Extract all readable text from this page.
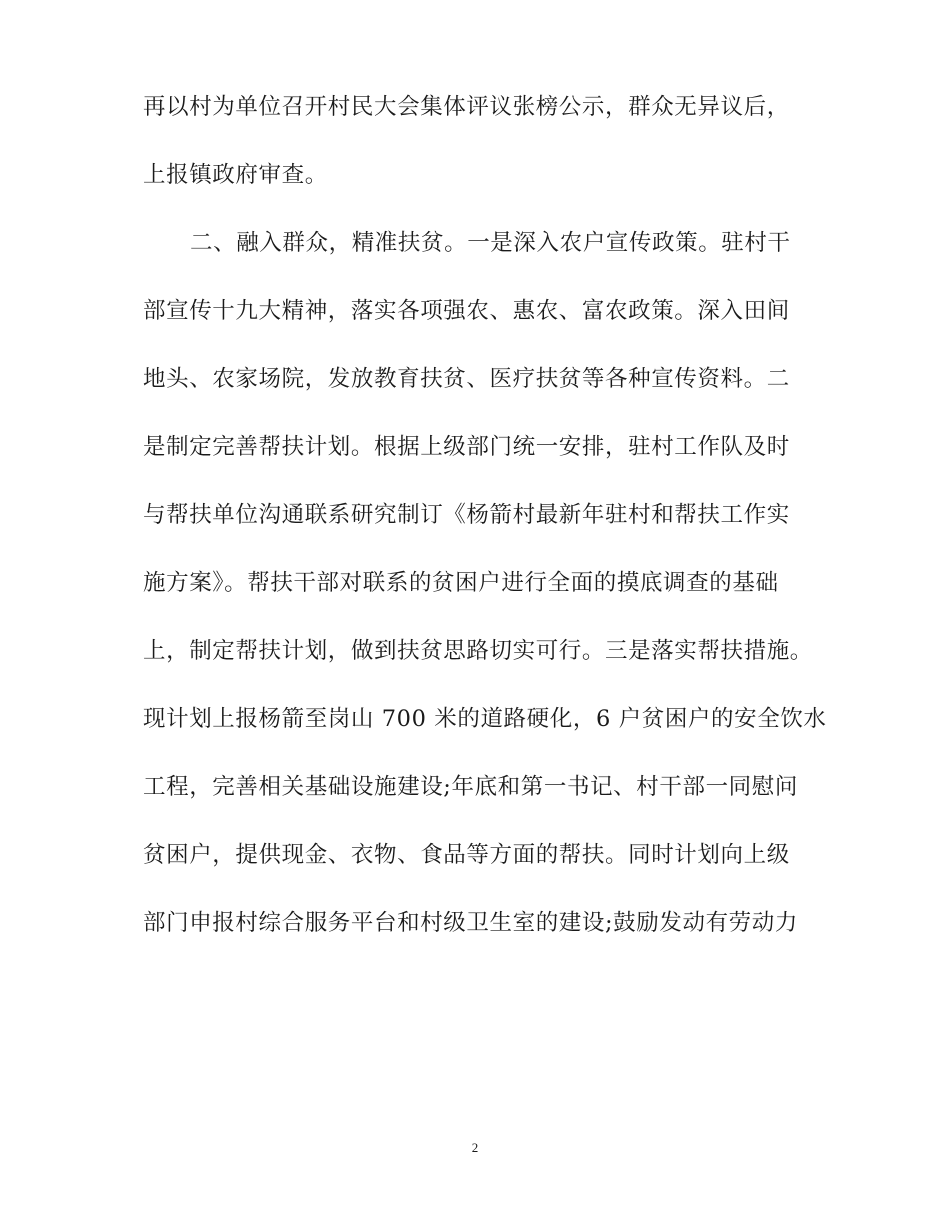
再以村为单位召开村民大会集体评议张榜公示，群众无异议后，
上报镇政府审查。
二、融入群众，精准扶贫。一是深入农户宣传政策。驻村干
部宣传十九大精神，落实各项强农、惠农、富农政策。深入田间
地头、农家场院，发放教育扶贫、医疗扶贫等各种宣传资料。二
是制定完善帮扶计划。根据上级部门统一安排，驻村工作队及时
与帮扶单位沟通联系研究制订《杨箭村最新年驻村和帮扶工作实
施方案》。帮扶干部对联系的贫困户进行全面的摸底调查的基础
上，制定帮扶计划，做到扶贫思路切实可行。三是落实帮扶措施。
现计划上报杨箭至岗山 700 米的道路硬化，6 户贫困户的安全饮水
工程，完善相关基础设施建设;年底和第一书记、村干部一同慰问
贫困户，提供现金、衣物、食品等方面的帮扶。同时计划向上级
部门申报村综合服务平台和村级卫生室的建设;鼓励发动有劳动力
2
